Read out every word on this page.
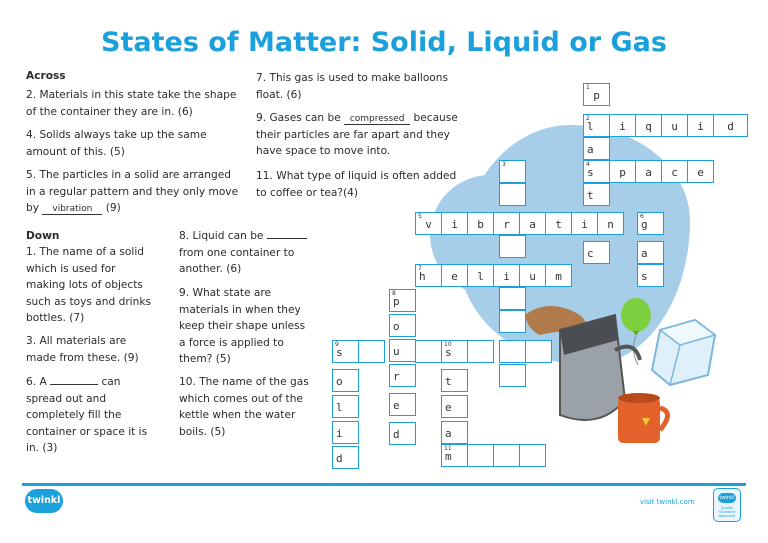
States of Matter: Solid, Liquid or Gas
Across
2. Materials in this state take the shape of the container they are in. (6)
4. Solids always take up the same amount of this. (5)
5. The particles in a solid are arranged in a regular pattern and they only move by vibration (9)
7. This gas is used to make balloons float. (6)
9. Gases can be compressed because their particles are far apart and they have space to move into.
11. What type of liquid is often added to coffee or tea?(4)
Down
1. The name of a solid which is used for making lots of objects such as toys and drinks bottles. (7)
3. All materials are made from these. (9)
6. A	can spread out and completely fill the container or space it is in. (3)
8. Liquid can be  from one container to another. (6)
9. What state are materials in when they keep their shape unless a force is applied to them? (5)
10. The name of the gas which comes out of the kettle when the water boils. (5)
1
p
2
l	i	q	u	i	d
a
4
s	p	a	c	e
t
3
5
v	i	b	r	a	t	i	n
6
g
c	a
7
h	e	l	i	u	m	s
8
p
o
u
r
e
d
9
s
10
s
o
l
i
d
t
e
a
11
m
twinkl	visit twinkl.com	twinkl
Quality Standard Approved
